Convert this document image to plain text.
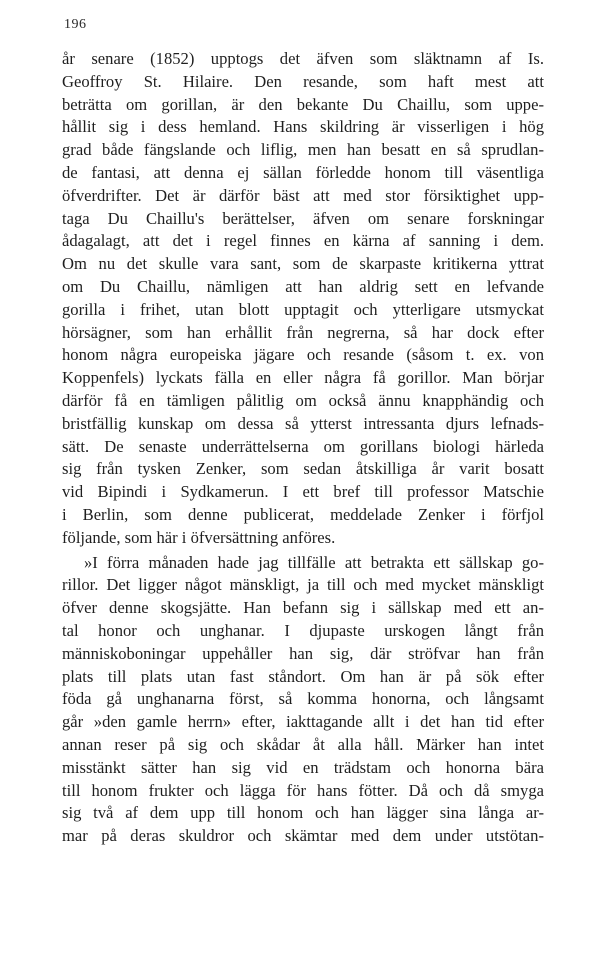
196
år senare (1852) upptogs det äfven som släktnamn af Is.
Geoffroy St. Hilaire. Den resande, som haft mest att
beträtta om gorillan, är den bekante Du Chaillu, som uppe-
hållit sig i dess hemland. Hans skildring är visserligen i hög
grad både fängslande och liflig, men han besatt en så sprudlan-
de fantasi, att denna ej sällan förledde honom till väsentliga
öfverdrifter. Det är därför bäst att med stor försiktighet upp-
taga Du Chaillu's berättelser, äfven om senare forskningar
ådagalagt, att det i regel finnes en kärna af sanning i dem.
Om nu det skulle vara sant, som de skarpaste kritikerna yttrat
om Du Chaillu, nämligen att han aldrig sett en lefvande
gorilla i frihet, utan blott upptagit och ytterligare utsmyckat
hörsägner, som han erhållit från negrerna, så har dock efter
honom några europeiska jägare och resande (såsom t. ex. von
Koppenfels) lyckats fälla en eller några få gorillor. Man börjar
därför få en tämligen pålitlig om också ännu knapphändig och
bristfällig kunskap om dessa så ytterst intressanta djurs lefnads-
sätt. De senaste underrättelserna om gorillans biologi härleda
sig från tysken Zenker, som sedan åtskilliga år varit bosatt
vid Bipindi i Sydkamerun. I ett bref till professor Matschie
i Berlin, som denne publicerat, meddelade Zenker i förfjol
följande, som här i öfversättning anföres.
»I förra månaden hade jag tillfälle att betrakta ett sällskap go-
rillor. Det ligger något mänskligt, ja till och med mycket mänskligt
öfver denne skogsjätte. Han befann sig i sällskap med ett an-
tal honor och unghanar. I djupaste urskogen långt från
människoboningar uppehåller han sig, där ströfvar han från
plats till plats utan fast ståndort. Om han är på sök efter
föda gå unghanarna först, så komma honorna, och långsamt
går »den gamle herrn» efter, iakttagande allt i det han tid efter
annan reser på sig och skådar åt alla håll. Märker han intet
misstänkt sätter han sig vid en trädstam och honorna bära
till honom frukter och lägga för hans fötter. Då och då smyga
sig två af dem upp till honom och han lägger sina långa ar-
mar på deras skuldror och skämtar med dem under utstötan-
